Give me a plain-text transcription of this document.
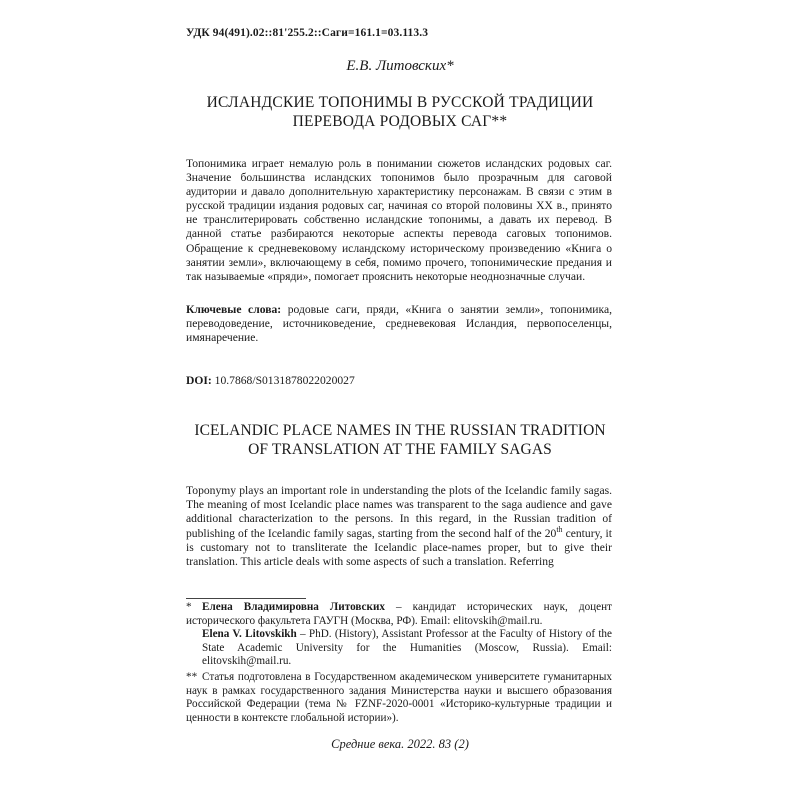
УДК 94(491).02::81'255.2::Саги=161.1=03.113.3
Е.В. Литовских*
ИСЛАНДСКИЕ ТОПОНИМЫ В РУССКОЙ ТРАДИЦИИ
ПЕРЕВОДА РОДОВЫХ САГ**
Топонимика играет немалую роль в понимании сюжетов исландских родовых саг. Значение большинства исландских топонимов было прозрачным для саговой аудитории и давало дополнительную характеристику персонажам. В связи с этим в русской традиции издания родовых саг, начиная со второй половины XX в., принято не транслитерировать собственно исландские топонимы, а давать их перевод. В данной статье разбираются некоторые аспекты перевода саговых топонимов. Обращение к средневековому исландскому историческому произведению «Книга о занятии земли», включающему в себя, помимо прочего, топонимические предания и так называемые «пряди», помогает прояснить некоторые неоднозначные случаи.
Ключевые слова: родовые саги, пряди, «Книга о занятии земли», топонимика, переводоведение, источниковедение, средневековая Исландия, первопоселенцы, имянаречение.
DOI: 10.7868/S0131878022020027
ICELANDIC PLACE NAMES IN THE RUSSIAN TRADITION
OF TRANSLATION AT THE FAMILY SAGAS
Toponymy plays an important role in understanding the plots of the Icelandic family sagas. The meaning of most Icelandic place names was transparent to the saga audience and gave additional characterization to the persons. In this regard, in the Russian tradition of publishing of the Icelandic family sagas, starting from the second half of the 20th century, it is customary not to transliterate the Icelandic place-names proper, but to give their translation. This article deals with some aspects of such a translation. Referring
* Елена Владимировна Литовских – кандидат исторических наук, доцент исторического факультета ГАУГН (Москва, РФ). Email: elitovskih@mail.ru.
Elena V. Litovskikh – PhD. (History), Assistant Professor at the Faculty of History of the State Academic University for the Humanities (Moscow, Russia). Email: elitovskih@mail.ru.
** Статья подготовлена в Государственном академическом университете гуманитарных наук в рамках государственного задания Министерства науки и высшего образования Российской Федерации (тема № FZNF-2020-0001 «Историко-культурные традиции и ценности в контексте глобальной истории»).
Средние века. 2022. 83 (2)
